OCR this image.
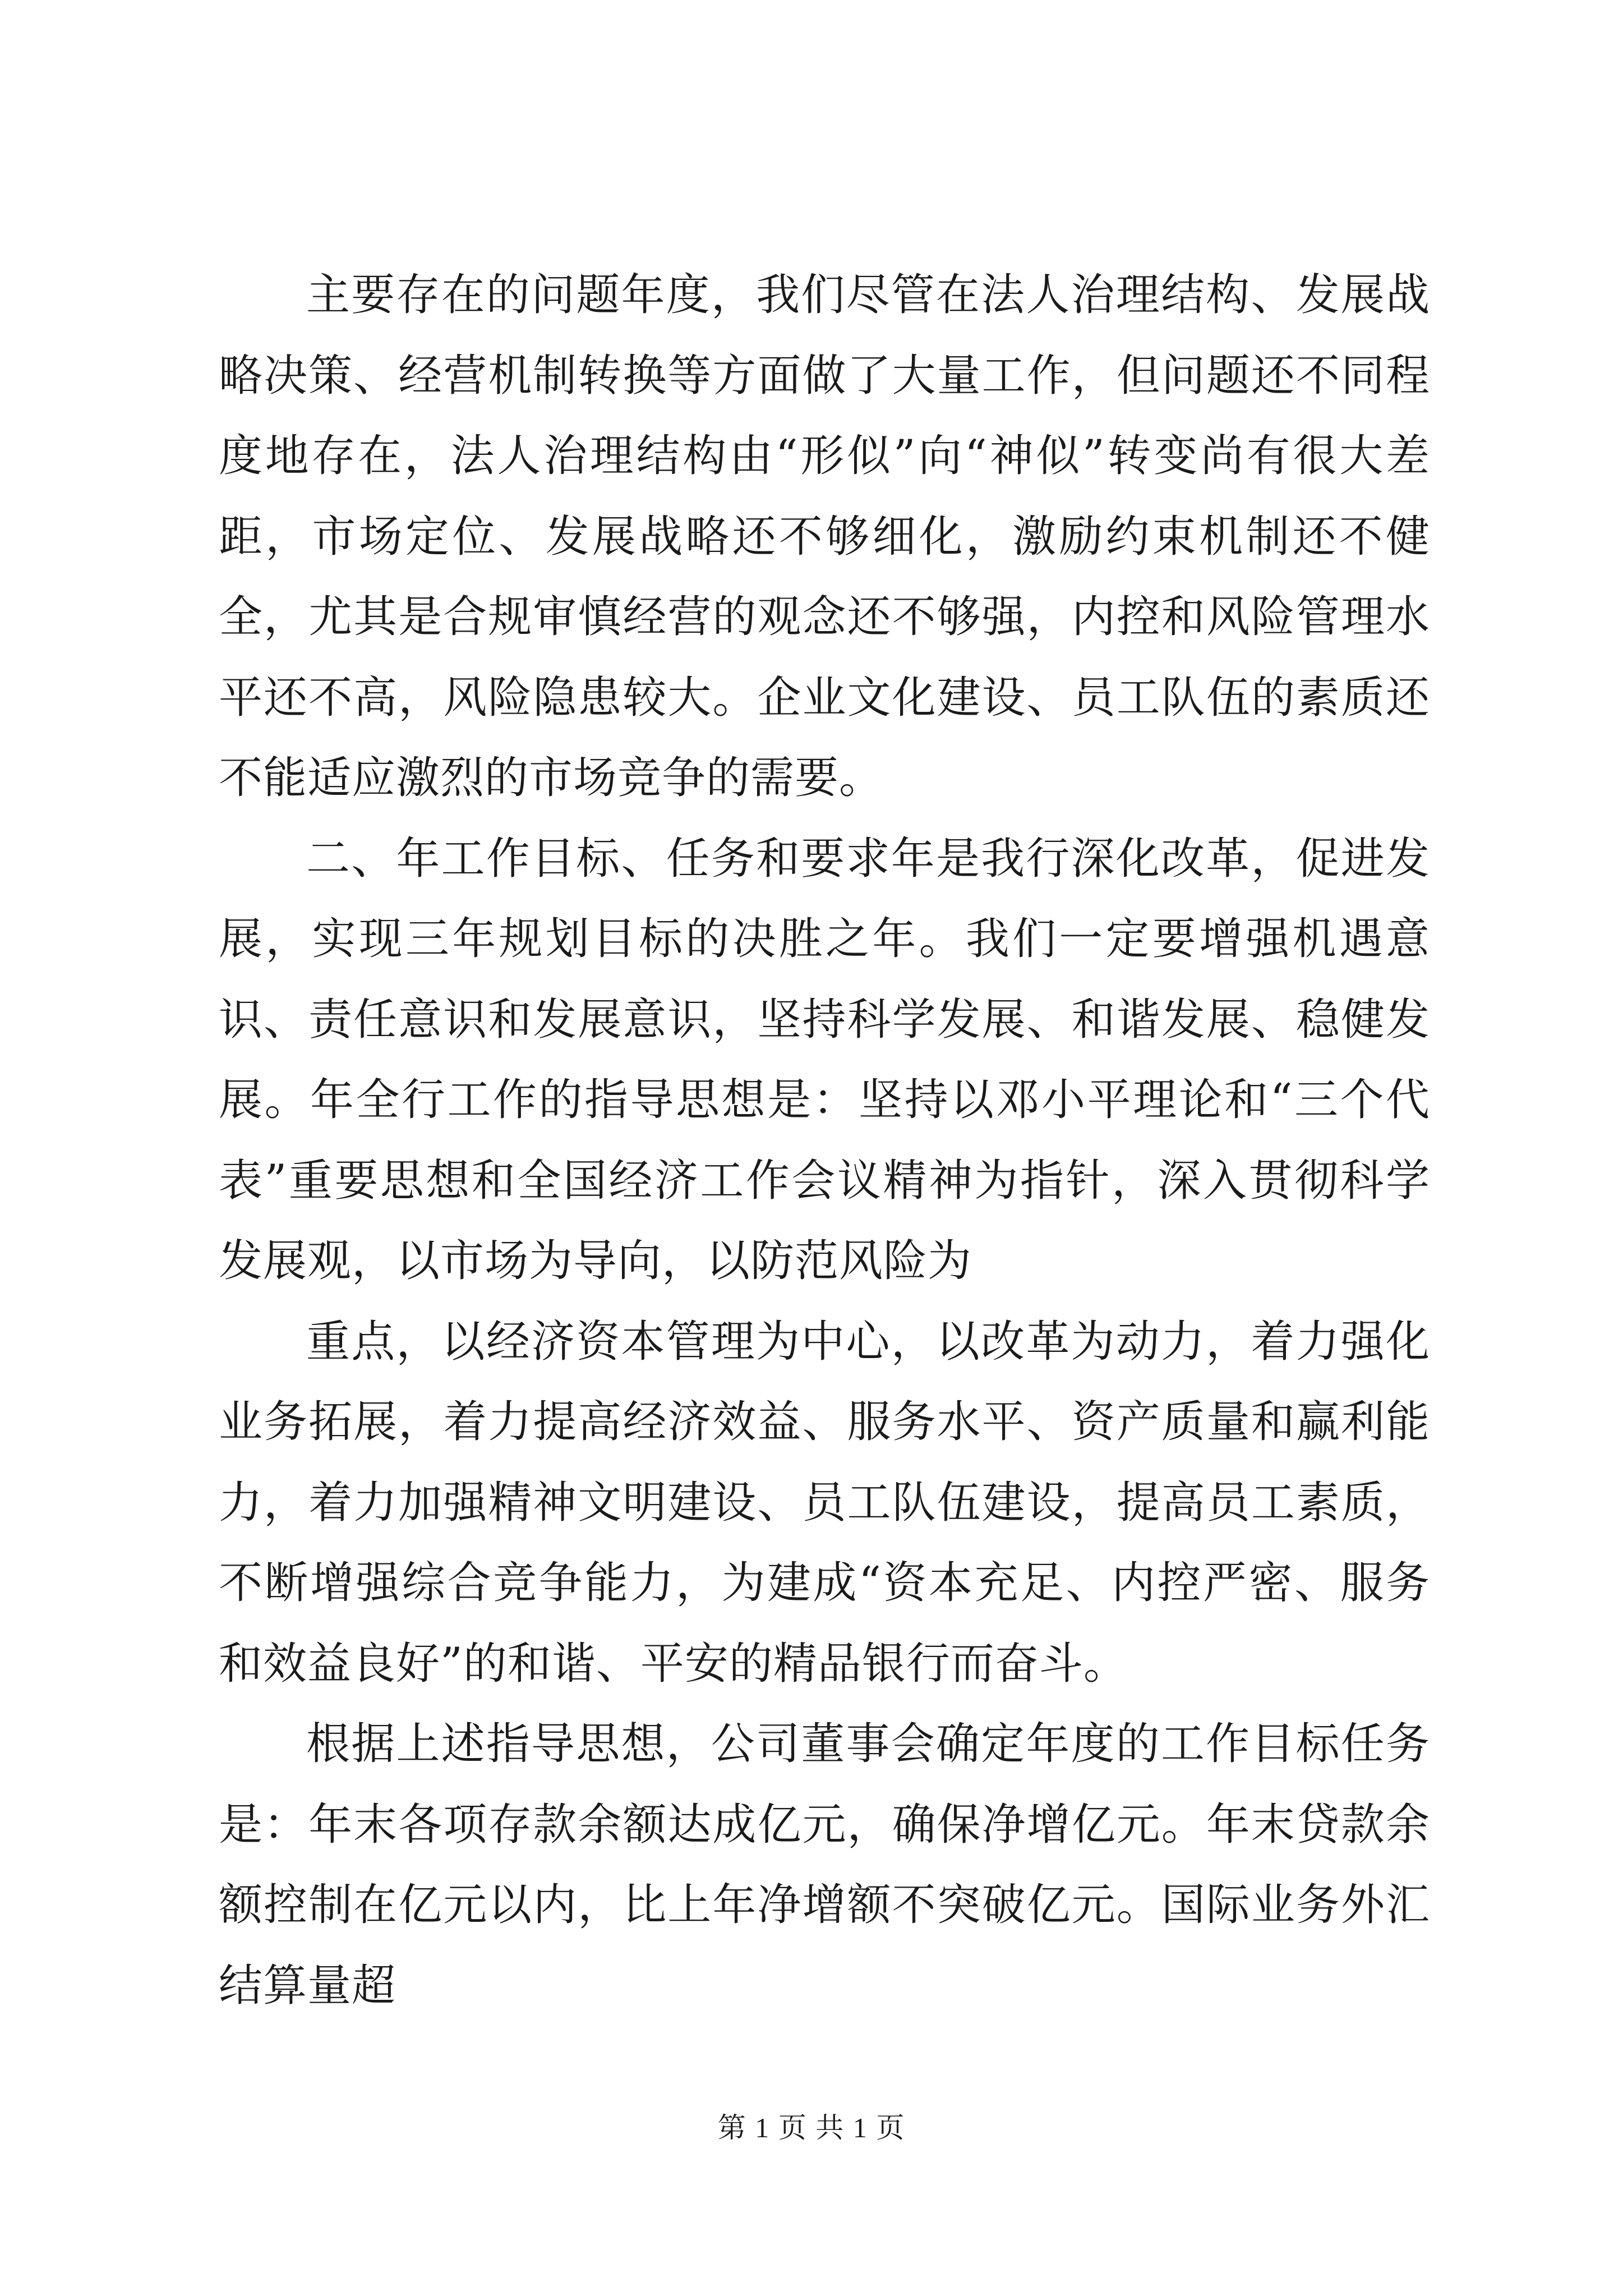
主要存在的问题年度，我们尽管在法人治理结构、发展战略决策、经营机制转换等方面做了大量工作，但问题还不同程度地存在，法人治理结构由“形似”向“神似”转变尚有很大差距，市场定位、发展战略还不够细化，激励约束机制还不健全，尤其是合规审慎经营的观念还不够强，内控和风险管理水平还不高，风险隐患较大。企业文化建设、员工队伍的素质还不能适应激烈的市场竞争的需要。

二、年工作目标、任务和要求年是我行深化改革，促进发展，实现三年规划目标的决胜之年。我们一定要增强机遇意识、责任意识和发展意识，坚持科学发展、和谐发展、稳健发展。年全行工作的指导思想是：坚持以邓小平理论和“三个代表”重要思想和全国经济工作会议精神为指针，深入贯彻科学发展观，以市场为导向，以防范风险为

重点，以经济资本管理为中心，以改革为动力，着力强化业务拓展，着力提高经济效益、服务水平、资产质量和赢利能力，着力加强精神文明建设、员工队伍建设，提高员工素质，不断增强综合竞争能力，为建成“资本充足、内控严密、服务和效益良好”的和谐、平安的精品银行而奋斗。

根据上述指导思想，公司董事会确定年度的工作目标任务是：年末各项存款余额达成亿元，确保净增亿元。年末贷款余额控制在亿元以内，比上年净增额不突破亿元。国际业务外汇结算量超

第 1 页 共 1 页
